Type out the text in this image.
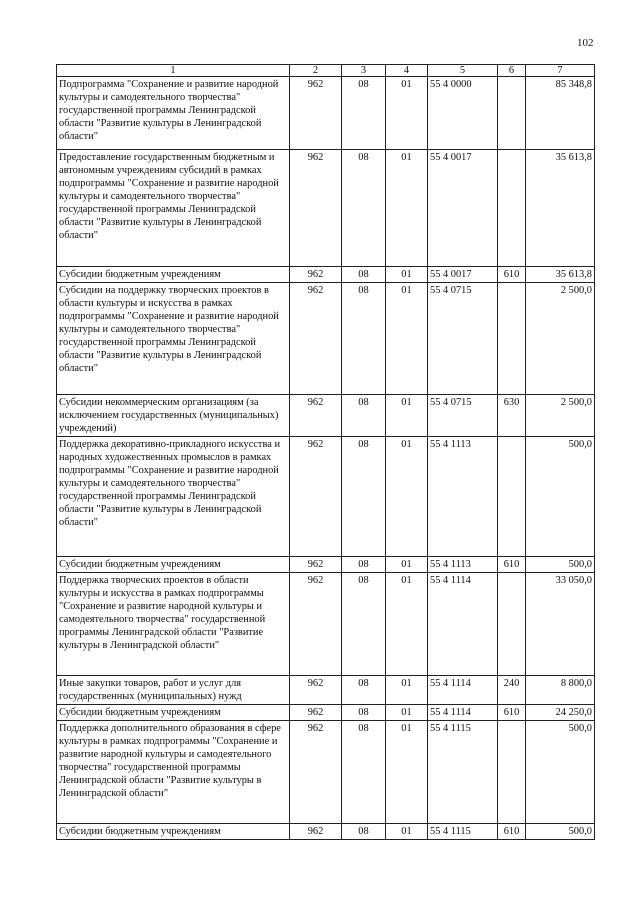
102
1	2	3	4	5	6	7
Подпрограмма "Сохранение и развитие народной культуры и самодеятельного творчества" государственной программы Ленинградской области "Развитие культуры в Ленинградской области"	962	08	01	55 4 0000		85 348,8
Предоставление государственным бюджетным и автономным учреждениям субсидий в рамках подпрограммы "Сохранение и развитие народной культуры и самодеятельного творчества" государственной программы Ленинградской области "Развитие культуры в Ленинградской области"	962	08	01	55 4 0017		35 613,8
Субсидии бюджетным учреждениям	962	08	01	55 4 0017	610	35 613,8
Субсидии на поддержку творческих проектов в области культуры и искусства в рамках подпрограммы "Сохранение и развитие народной культуры и самодеятельного творчества" государственной программы Ленинградской области "Развитие культуры в Ленинградской области"	962	08	01	55 4 0715		2 500,0
Субсидии некоммерческим организациям (за исключением государственных (муниципальных) учреждений)	962	08	01	55 4 0715	630	2 500,0
Поддержка декоративно-прикладного искусства и народных художественных промыслов в рамках подпрограммы "Сохранение и развитие народной культуры и самодеятельного творчества" государственной программы Ленинградской области "Развитие культуры в Ленинградской области"	962	08	01	55 4 1113		500,0
Субсидии бюджетным учреждениям	962	08	01	55 4 1113	610	500,0
Поддержка творческих проектов в области культуры и искусства в рамках подпрограммы "Сохранение и развитие народной культуры и самодеятельного творчества" государственной программы Ленинградской области "Развитие культуры в Ленинградской области"	962	08	01	55 4 1114		33 050,0
Иные закупки товаров, работ и услуг для государственных (муниципальных) нужд	962	08	01	55 4 1114	240	8 800,0
Субсидии бюджетным учреждениям	962	08	01	55 4 1114	610	24 250,0
Поддержка дополнительного образования в сфере культуры в рамках подпрограммы "Сохранение и развитие народной культуры и самодеятельного творчества" государственной программы Ленинградской области "Развитие культуры в Ленинградской области"	962	08	01	55 4 1115		500,0
Субсидии бюджетным учреждениям	962	08	01	55 4 1115	610	500,0
